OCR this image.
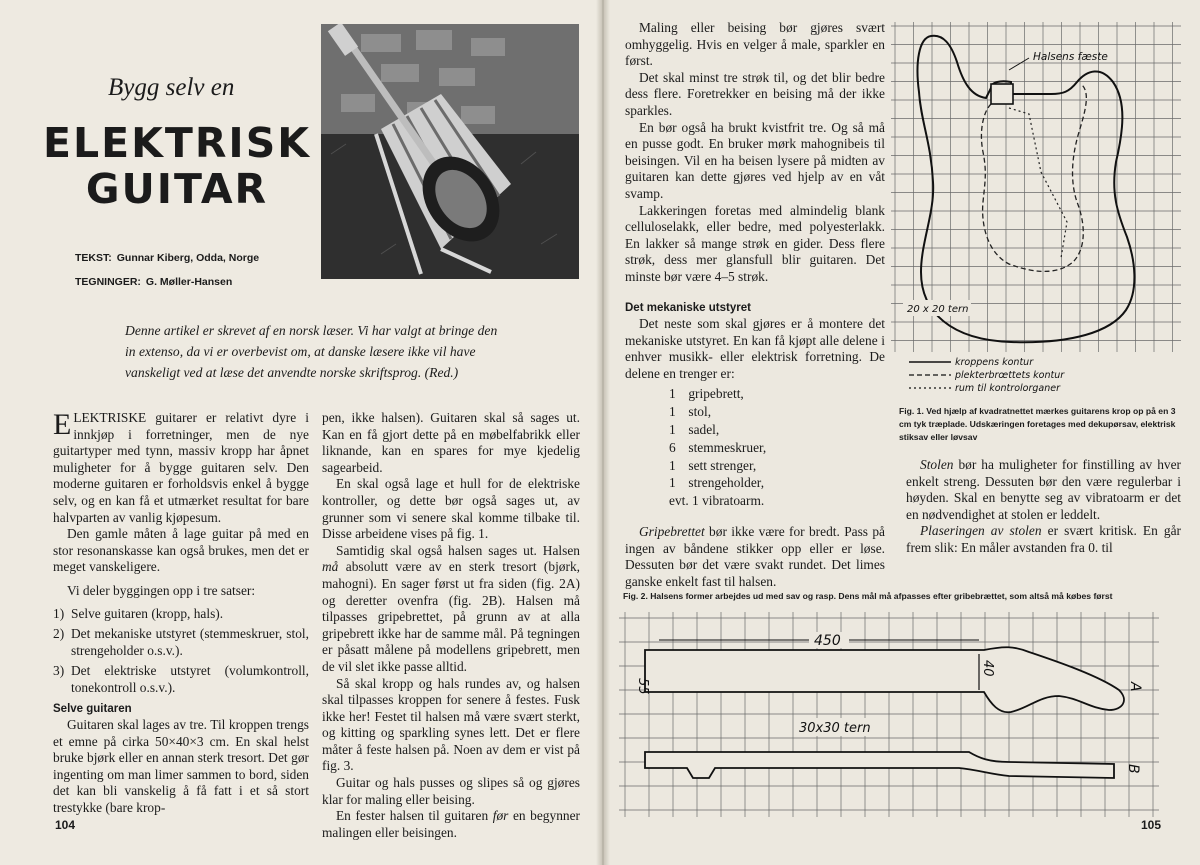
Bygg selv en

ELEKTRISK
GUITAR
TEKST: Gunnar Kiberg, Odda, Norge
TEGNINGER: G. Møller-Hansen

Denne artikel er skrevet af en norsk læser. Vi har valgt at bringe den in extenso, da vi er overbevist om, at danske læsere ikke vil have vanskeligt ved at læse det anvendte norske skriftsprog. (Red.)

ELEKTRISKE guitarer er relativt dyre i innkjøp i forretninger, men de nye guitartyper med tynn, massiv kropp har åpnet muligheter for å bygge guitaren selv. Den moderne guitaren er forholdsvis enkel å bygge selv, og en kan få et utmærket resultat for bare halvparten av vanlig kjøpesum.

Den gamle måten å lage guitar på med en stor resonanskasse kan også brukes, men det er meget vanskeligere.

Vi deler byggingen opp i tre satser:

1) Selve guitaren (kropp, hals).
2) Det mekaniske utstyret (stemmeskruer, stol, strengeholder o.s.v.).
3) Det elektriske utstyret (volumkontroll, tonekontroll o.s.v.).

Selve guitaren

Guitaren skal lages av tre. Til kroppen trengs et emne på cirka 50×40×3 cm. En skal helst bruke bjørk eller en annan sterk tresort. Det gør ingenting om man limer sammen to bord, siden det kan bli vanskelig å få fatt i et så stort trestykke (bare krop-

pen, ikke halsen). Guitaren skal så sages ut. Kan en få gjort dette på en møbelfabrikk eller liknande, kan en spares for mye kjedelig sagearbeid.

En skal også lage et hull for de elektriske kontroller, og dette bør også sages ut, av grunner som vi senere skal komme tilbake til. Disse arbeidene vises på fig. 1.

Samtidig skal også halsen sages ut. Halsen må absolutt være av en sterk tresort (bjørk, mahogni). En sager først ut fra siden (fig. 2A) og deretter ovenfra (fig. 2B). Halsen må tilpasses gripebrettet, på grunn av at alla gripebrett ikke har de samme mål. På tegningen er påsatt målene på modellens gripebrett, men de vil slet ikke passe alltid.

Så skal kropp og hals rundes av, og halsen skal tilpasses kroppen for senere å festes. Fusk ikke her! Festet til halsen må være svært sterkt, og kitting og sparkling synes lett. Det er flere måter å feste halsen på. Noen av dem er vist på fig. 3.

Guitar og hals pusses og slipes så og gjøres klar for maling eller beising.

En fester halsen til guitaren før en begynner malingen eller beisingen.

104

Maling eller beising bør gjøres svært omhyggelig. Hvis en velger å male, sparkler en først.

Det skal minst tre strøk til, og det blir bedre dess flere. Foretrekker en beising må der ikke sparkles.

En bør også ha brukt kvistfrit tre. Og så må en pusse godt. En bruker mørk mahognibeis til beisingen. Vil en ha beisen lysere på midten av guitaren kan dette gjøres ved hjelp av en våt svamp.

Lakkeringen foretas med almindelig blank celluloselakk, eller bedre, med polyesterlakk. En lakker så mange strøk en gider. Dess flere strøk, dess mer glansfull blir guitaren. Det minste bør være 4–5 strøk.

Det mekaniske utstyret

Det neste som skal gjøres er å montere det mekaniske utstyret. En kan få kjøpt alle delene i enhver musikk- eller elektrisk forretning. De delene en trenger er:

1 gripebrett,
1 stol,
1 sadel,
6 stemmeskruer,
1 sett strenger,
1 strengeholder,
evt. 1 vibratoarm.

Gripebrettet bør ikke være for bredt. Pass på ingen av båndene stikker opp eller er løse. Dessuten bør det være svakt rundet. Det limes ganske enkelt fast til halsen.

Halsens fæste
20 x 20 tern
kroppens kontur
plekterbrœttets kontur
rum til kontrolorganer
Fig. 1. Ved hjælp af kvadratnettet mærkes guitarens krop op på en 3 cm tyk træplade. Udskæringen foretages med dekupørsav, elektrisk stiksav eller løvsav

Stolen bør ha muligheter for finstilling av hver enkelt streng. Dessuten bør den være regulerbar i høyden. Skal en benytte seg av vibratoarm er det en nødvendighet at stolen er leddelt.

Plaseringen av stolen er svært kritisk. En går frem slik: En måler avstanden fra 0. til

Fig. 2. Halsens former arbejdes ud med sav og rasp. Dens mål må afpasses efter gribebrættet, som altså må købes først
450
55
40
A
30x30 tern
B
105
